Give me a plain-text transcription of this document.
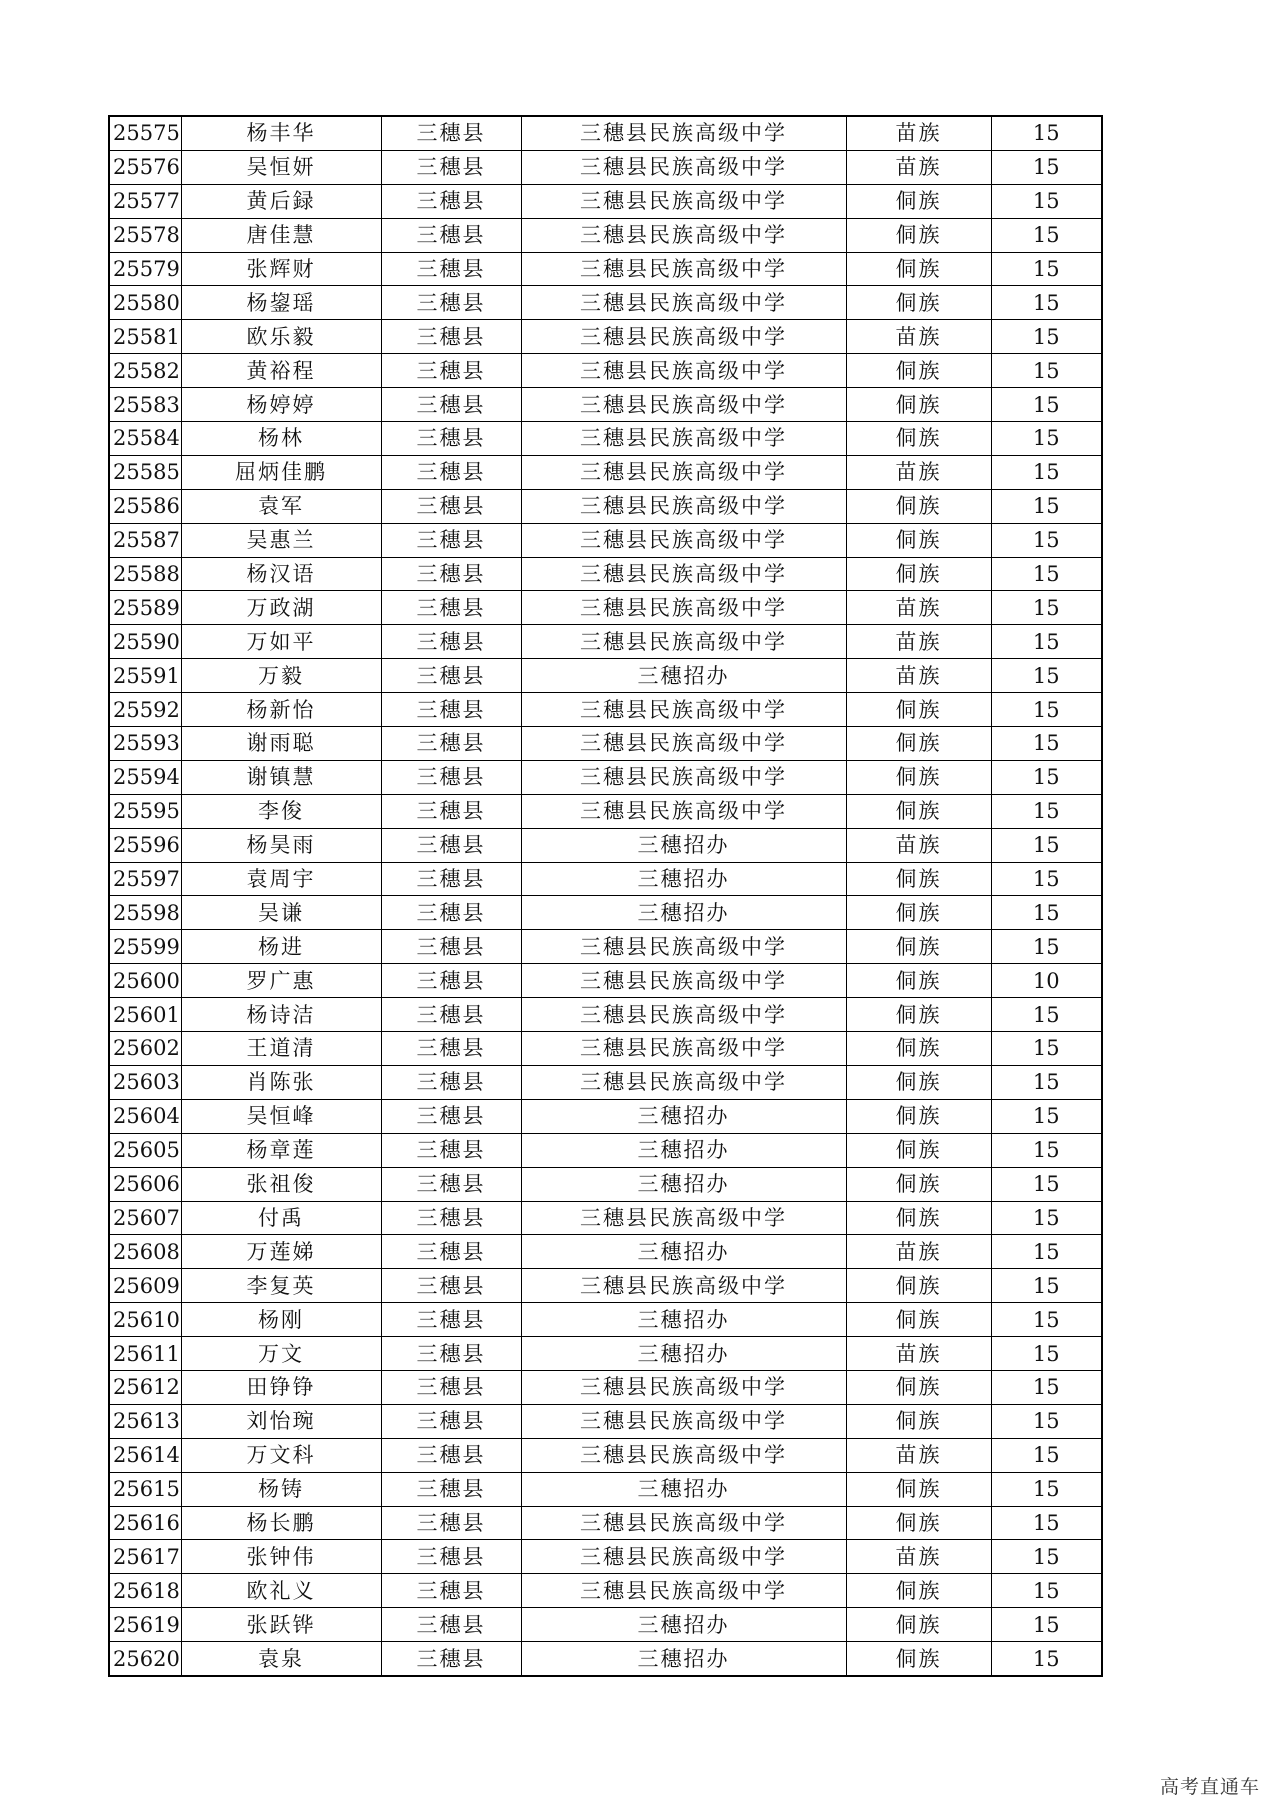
25575	杨丰华	三穗县	三穗县民族高级中学	苗族	15
25576	吴恒妍	三穗县	三穗县民族高级中学	苗族	15
25577	黄后録	三穗县	三穗县民族高级中学	侗族	15
25578	唐佳慧	三穗县	三穗县民族高级中学	侗族	15
25579	张辉财	三穗县	三穗县民族高级中学	侗族	15
25580	杨鋆瑶	三穗县	三穗县民族高级中学	侗族	15
25581	欧乐毅	三穗县	三穗县民族高级中学	苗族	15
25582	黄裕程	三穗县	三穗县民族高级中学	侗族	15
25583	杨婷婷	三穗县	三穗县民族高级中学	侗族	15
25584	杨林	三穗县	三穗县民族高级中学	侗族	15
25585	屈炳佳鹏	三穗县	三穗县民族高级中学	苗族	15
25586	袁军	三穗县	三穗县民族高级中学	侗族	15
25587	吴惠兰	三穗县	三穗县民族高级中学	侗族	15
25588	杨汉语	三穗县	三穗县民族高级中学	侗族	15
25589	万政湖	三穗县	三穗县民族高级中学	苗族	15
25590	万如平	三穗县	三穗县民族高级中学	苗族	15
25591	万毅	三穗县	三穗招办	苗族	15
25592	杨新怡	三穗县	三穗县民族高级中学	侗族	15
25593	谢雨聪	三穗县	三穗县民族高级中学	侗族	15
25594	谢镇慧	三穗县	三穗县民族高级中学	侗族	15
25595	李俊	三穗县	三穗县民族高级中学	侗族	15
25596	杨昊雨	三穗县	三穗招办	苗族	15
25597	袁周宇	三穗县	三穗招办	侗族	15
25598	吴谦	三穗县	三穗招办	侗族	15
25599	杨进	三穗县	三穗县民族高级中学	侗族	15
25600	罗广惠	三穗县	三穗县民族高级中学	侗族	10
25601	杨诗洁	三穗县	三穗县民族高级中学	侗族	15
25602	王道清	三穗县	三穗县民族高级中学	侗族	15
25603	肖陈张	三穗县	三穗县民族高级中学	侗族	15
25604	吴恒峰	三穗县	三穗招办	侗族	15
25605	杨章莲	三穗县	三穗招办	侗族	15
25606	张祖俊	三穗县	三穗招办	侗族	15
25607	付禹	三穗县	三穗县民族高级中学	侗族	15
25608	万莲娣	三穗县	三穗招办	苗族	15
25609	李复英	三穗县	三穗县民族高级中学	侗族	15
25610	杨刚	三穗县	三穗招办	侗族	15
25611	万文	三穗县	三穗招办	苗族	15
25612	田铮铮	三穗县	三穗县民族高级中学	侗族	15
25613	刘怡琬	三穗县	三穗县民族高级中学	侗族	15
25614	万文科	三穗县	三穗县民族高级中学	苗族	15
25615	杨铸	三穗县	三穗招办	侗族	15
25616	杨长鹏	三穗县	三穗县民族高级中学	侗族	15
25617	张钟伟	三穗县	三穗县民族高级中学	苗族	15
25618	欧礼义	三穗县	三穗县民族高级中学	侗族	15
25619	张跃铧	三穗县	三穗招办	侗族	15
25620	袁泉	三穗县	三穗招办	侗族	15
高考直通车
